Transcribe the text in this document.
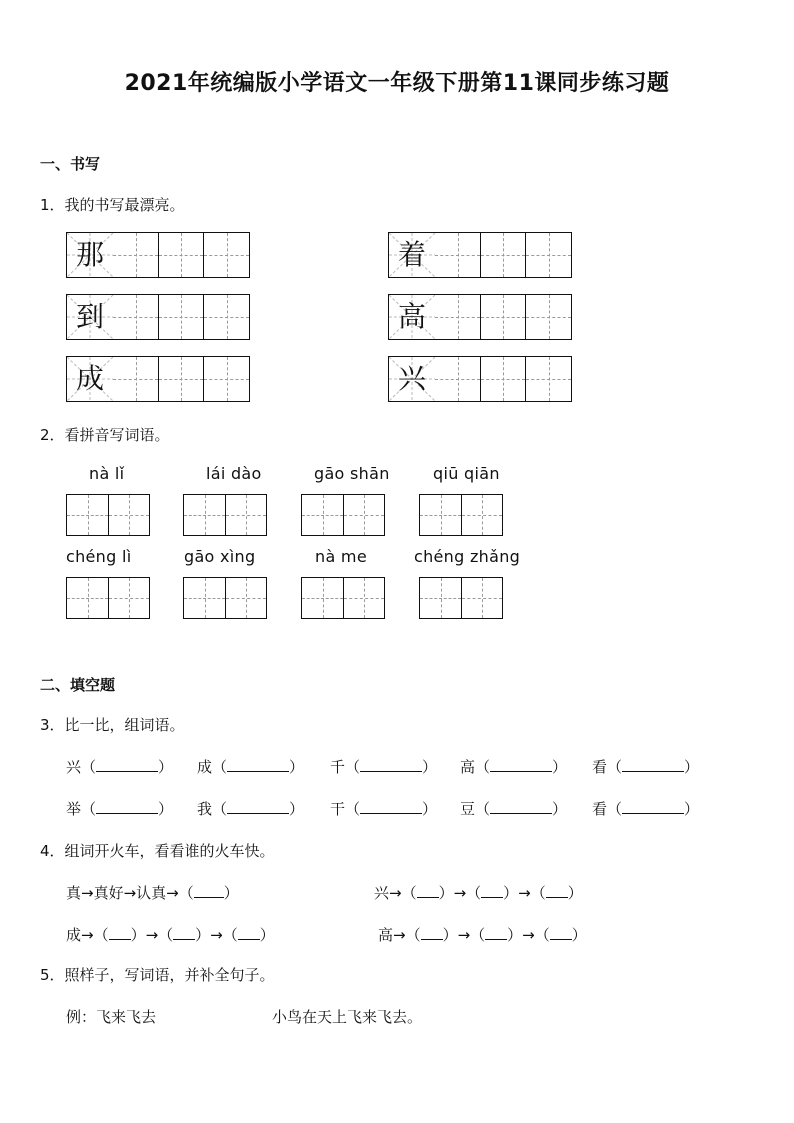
2021年统编版小学语文一年级下册第11课同步练习题
一、书写
1．我的书写最漂亮。
那	着
到	高
成	兴
2．看拼音写词语。
nà lǐ	lái dào	gāo shān	qiū qiān
chéng lì	gāo xìng	nà me	chéng zhǎng
二、填空题
3．比一比，组词语。
兴（	） 成（	） 千（	） 高（	） 看（	）
举（	） 我（	） 干（	） 豆（	） 看（	）
4．组词开火车，看看谁的火车快。
真→真好→认真→（ ）	兴→（ ）→（ ）→（ ）
成→（ ）→（ ）→（ ）	高→（ ）→（ ）→（ ）
5．照样子，写词语，并补全句子。
例：飞来飞去	小鸟在天上飞来飞去。
